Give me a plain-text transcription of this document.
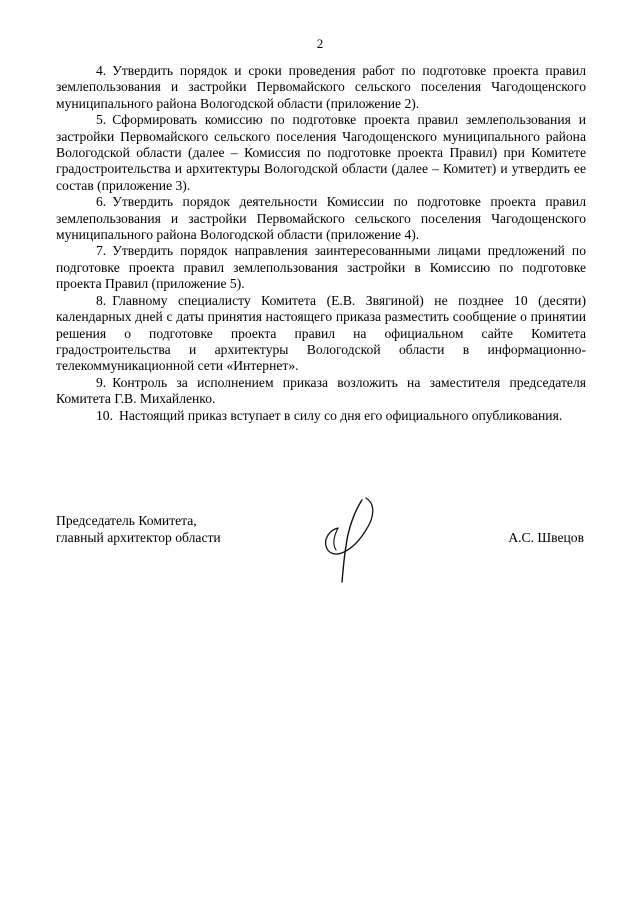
2

4. Утвердить порядок и сроки проведения работ по подготовке проекта правил землепользования и застройки Первомайского сельского поселения Чагодощенского муниципального района Вологодской области (приложение 2).

5. Сформировать комиссию по подготовке проекта правил землепользования и застройки Первомайского сельского поселения Чагодощенского муниципального района Вологодской области (далее – Комиссия по подготовке проекта Правил) при Комитете градостроительства и архитектуры Вологодской области (далее – Комитет) и утвердить ее состав (приложение 3).

6. Утвердить порядок деятельности Комиссии по подготовке проекта правил землепользования и застройки Первомайского сельского поселения Чагодощенского муниципального района Вологодской области (приложение 4).

7. Утвердить порядок направления заинтересованными лицами предложений по подготовке проекта правил землепользования застройки в Комиссию по подготовке проекта Правил (приложение 5).

8. Главному специалисту Комитета (Е.В. Звягиной) не позднее 10 (десяти) календарных дней с даты принятия настоящего приказа разместить сообщение о принятии решения о подготовке проекта правил на официальном сайте Комитета градостроительства и архитектуры Вологодской области в информационно-телекоммуникационной сети «Интернет».

9. Контроль за исполнением приказа возложить на заместителя председателя Комитета Г.В. Михайленко.

10. Настоящий приказ вступает в силу со дня его официального опубликования.

Председатель Комитета,
главный архитектор области	А.С. Швецов
